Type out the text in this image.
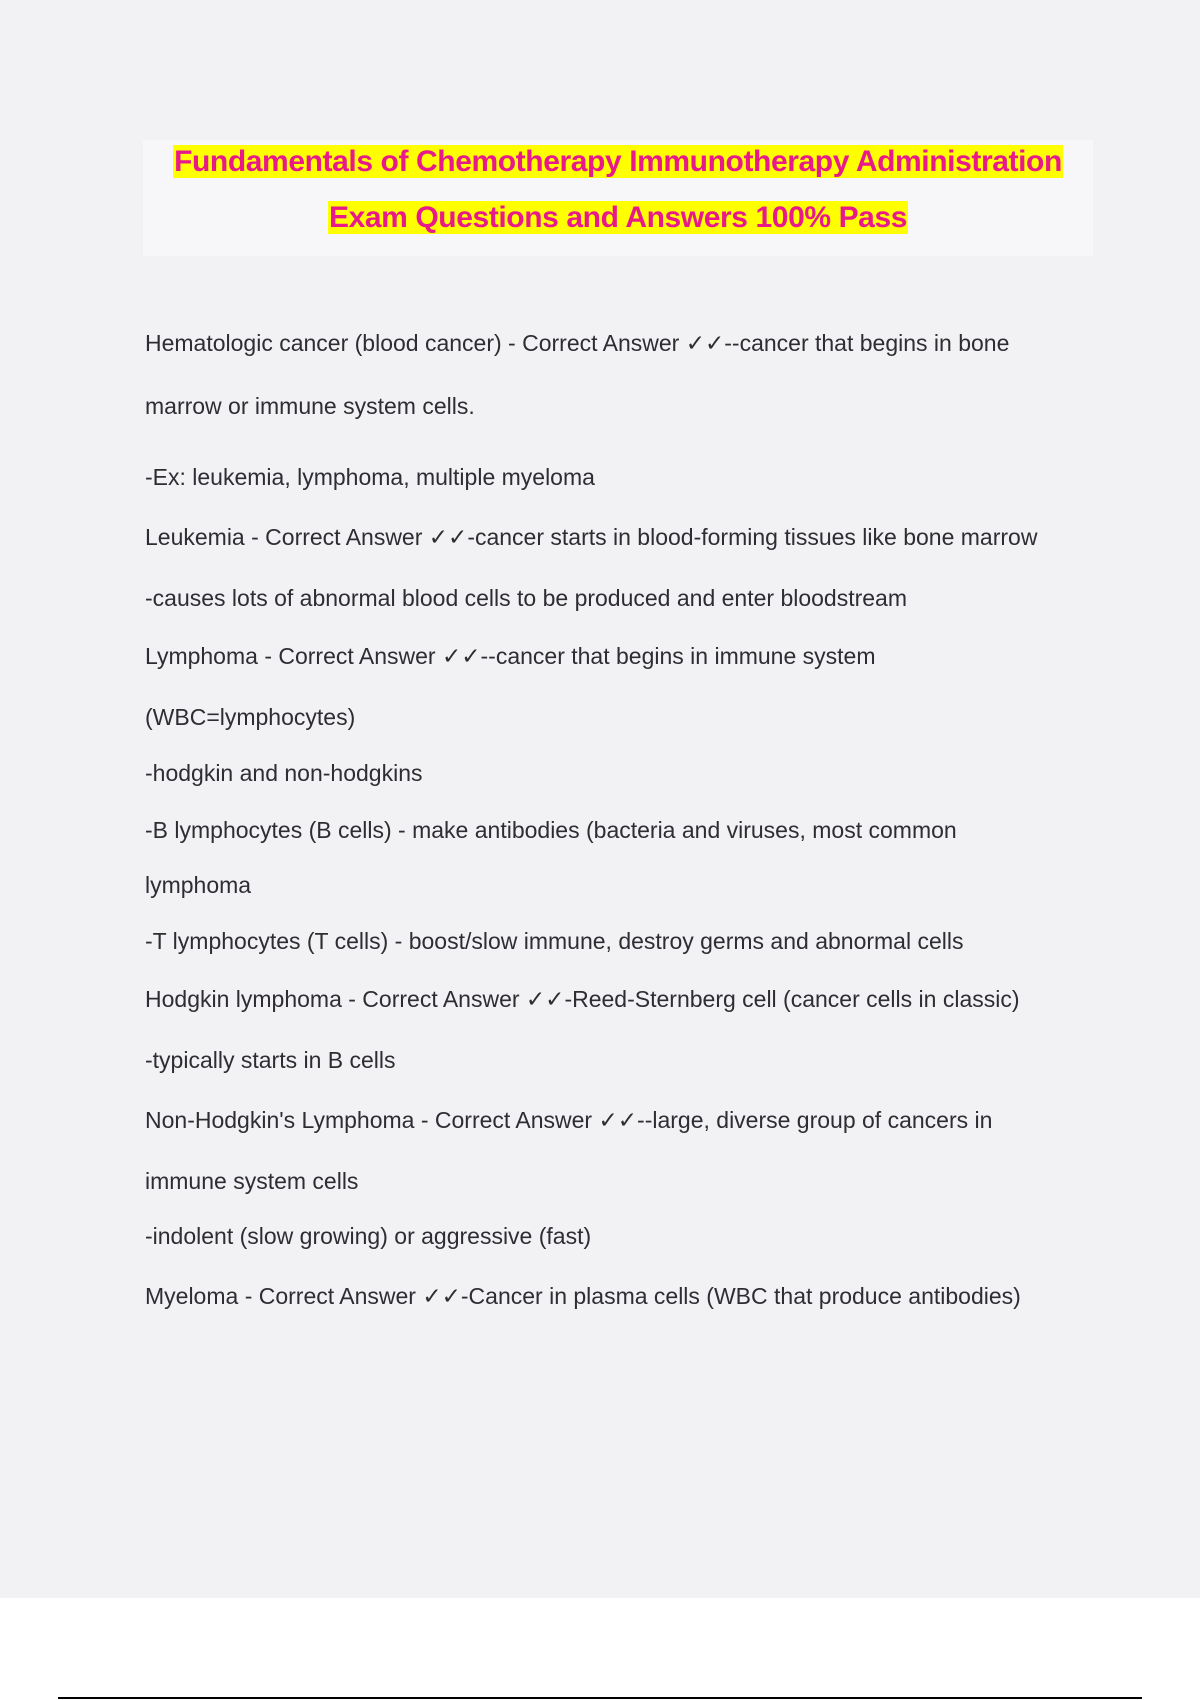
Fundamentals of Chemotherapy Immunotherapy Administration
Exam Questions and Answers 100% Pass
Hematologic cancer (blood cancer) - Correct Answer ✓✓--cancer that begins in bone
marrow or immune system cells.
-Ex: leukemia, lymphoma, multiple myeloma
Leukemia - Correct Answer ✓✓-cancer starts in blood-forming tissues like bone marrow
-causes lots of abnormal blood cells to be produced and enter bloodstream
Lymphoma - Correct Answer ✓✓--cancer that begins in immune system
(WBC=lymphocytes)
-hodgkin and non-hodgkins
-B lymphocytes (B cells) - make antibodies (bacteria and viruses, most common
lymphoma
-T lymphocytes (T cells) - boost/slow immune, destroy germs and abnormal cells
Hodgkin lymphoma - Correct Answer ✓✓-Reed-Sternberg cell (cancer cells in classic)
-typically starts in B cells
Non-Hodgkin's Lymphoma - Correct Answer ✓✓--large, diverse group of cancers in
immune system cells
-indolent (slow growing) or aggressive (fast)
Myeloma - Correct Answer ✓✓-Cancer in plasma cells (WBC that produce antibodies)
